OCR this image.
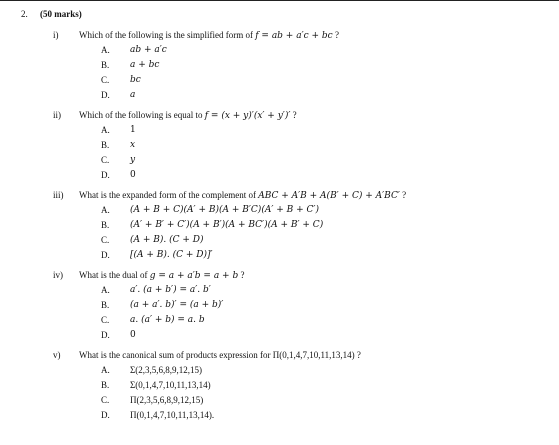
2. (50 marks)
i) Which of the following is the simplified form of f = ab + a′c + bc ?
A. ab + a′c
B. a + bc
C. bc
D. a
ii) Which of the following is equal to f = (x + y)′(x′ + y′)′ ?
A. 1
B. x
C. y
D. 0
iii) What is the expanded form of the complement of ABC + A′B + A(B′ + C) + A′BC′ ?
A. (A + B + C)(A′ + B)(A + B′C)(A′ + B + C′)
B. (A′ + B′ + C′)(A + B′)(A + BC′)(A + B′ + C)
C. (A + B). (C + D)
D. [(A + B). (C + D)]′
iv) What is the dual of g = a + a′b = a + b ?
A. a′. (a + b′) = a′. b′
B. (a + a′. b)′ = (a + b)′
C. a. (a′ + b) = a. b
D. 0
v) What is the canonical sum of products expression for Π(0,1,4,7,10,11,13,14) ?
A. Σ(2,3,5,6,8,9,12,15)
B. Σ(0,1,4,7,10,11,13,14)
C. Π(2,3,5,6,8,9,12,15)
D. Π(0,1,4,7,10,11,13,14).
